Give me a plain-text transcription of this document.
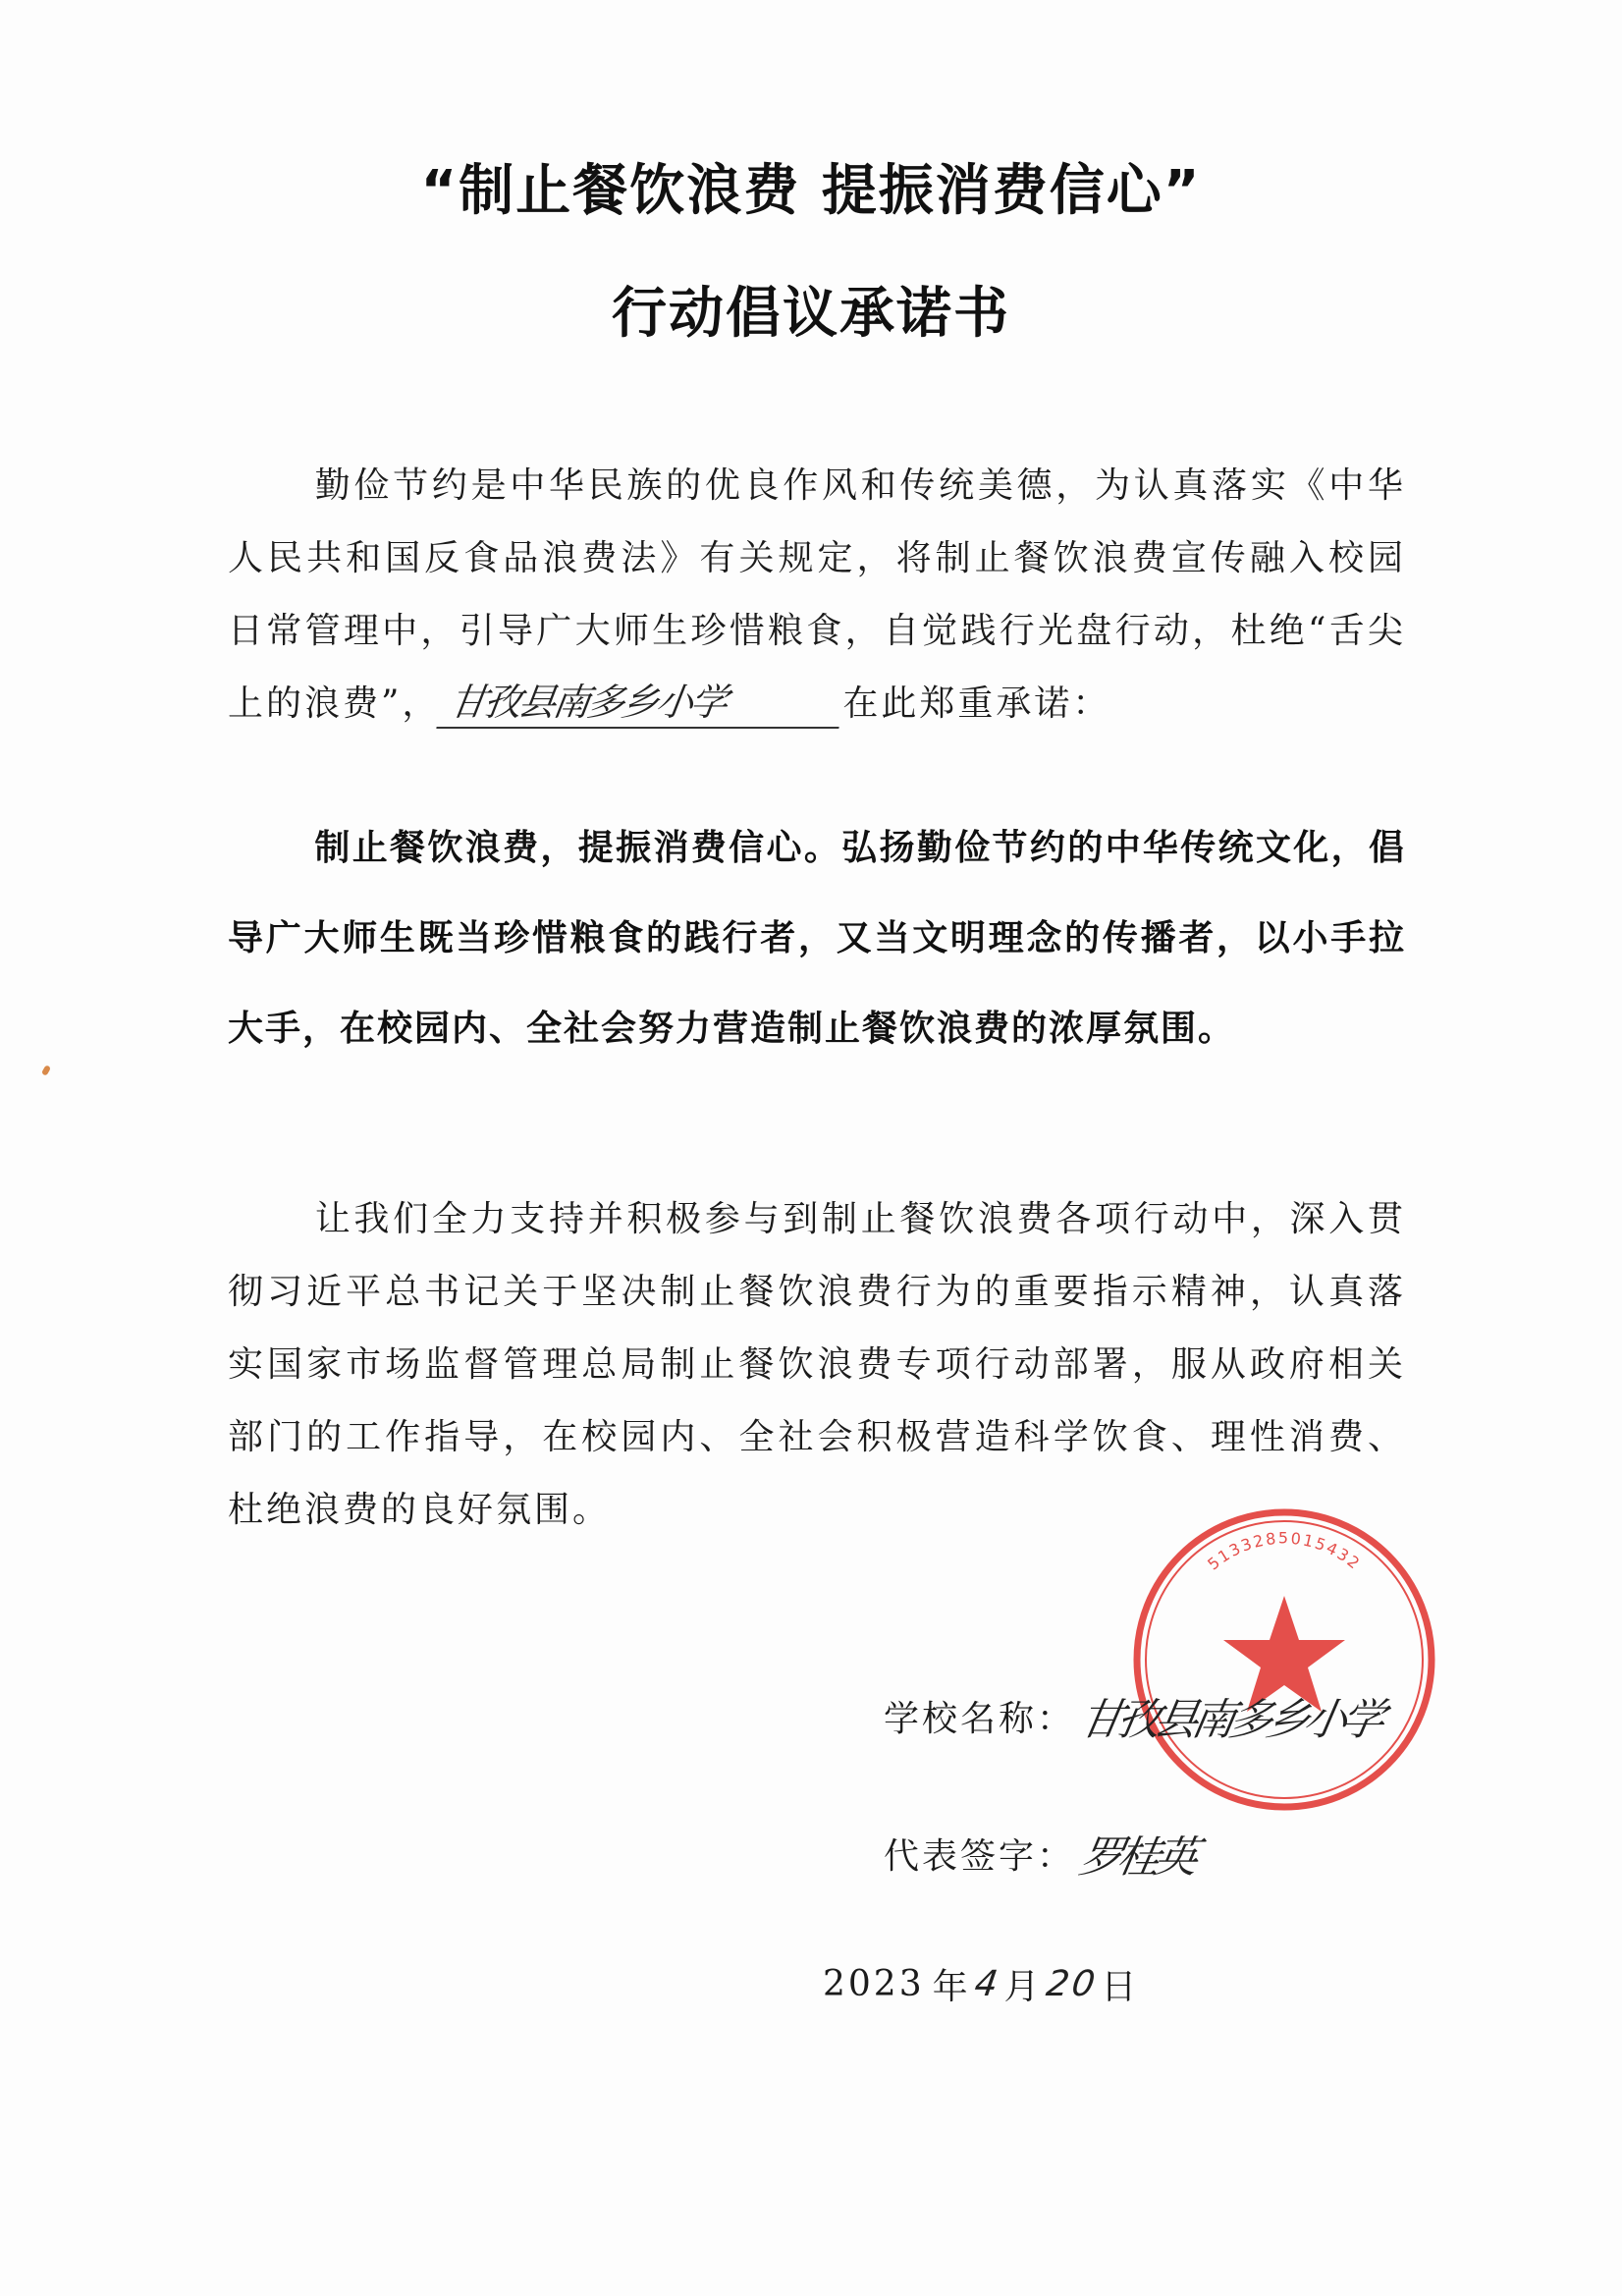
“制止餐饮浪费 提振消费信心”
行动倡议承诺书
勤俭节约是中华民族的优良作风和传统美德，为认真落实《中华人民共和国反食品浪费法》有关规定，将制止餐饮浪费宣传融入校园日常管理中，引导广大师生珍惜粮食，自觉践行光盘行动，杜绝“舌尖上的浪费”， 甘孜县南多乡小学	在此郑重承诺：
制止餐饮浪费，提振消费信心。弘扬勤俭节约的中华传统文化，倡导广大师生既当珍惜粮食的践行者，又当文明理念的传播者，以小手拉大手，在校园内、全社会努力营造制止餐饮浪费的浓厚氛围。
让我们全力支持并积极参与到制止餐饮浪费各项行动中，深入贯彻习近平总书记关于坚决制止餐饮浪费行为的重要指示精神，认真落实国家市场监督管理总局制止餐饮浪费专项行动部署，服从政府相关部门的工作指导，在校园内、全社会积极营造科学饮食、理性消费、杜绝浪费的良好氛围。
5133285015432
学校名称： 甘孜县南多乡小学
代表签字： 罗桂英
2023 年 4 月 20 日
